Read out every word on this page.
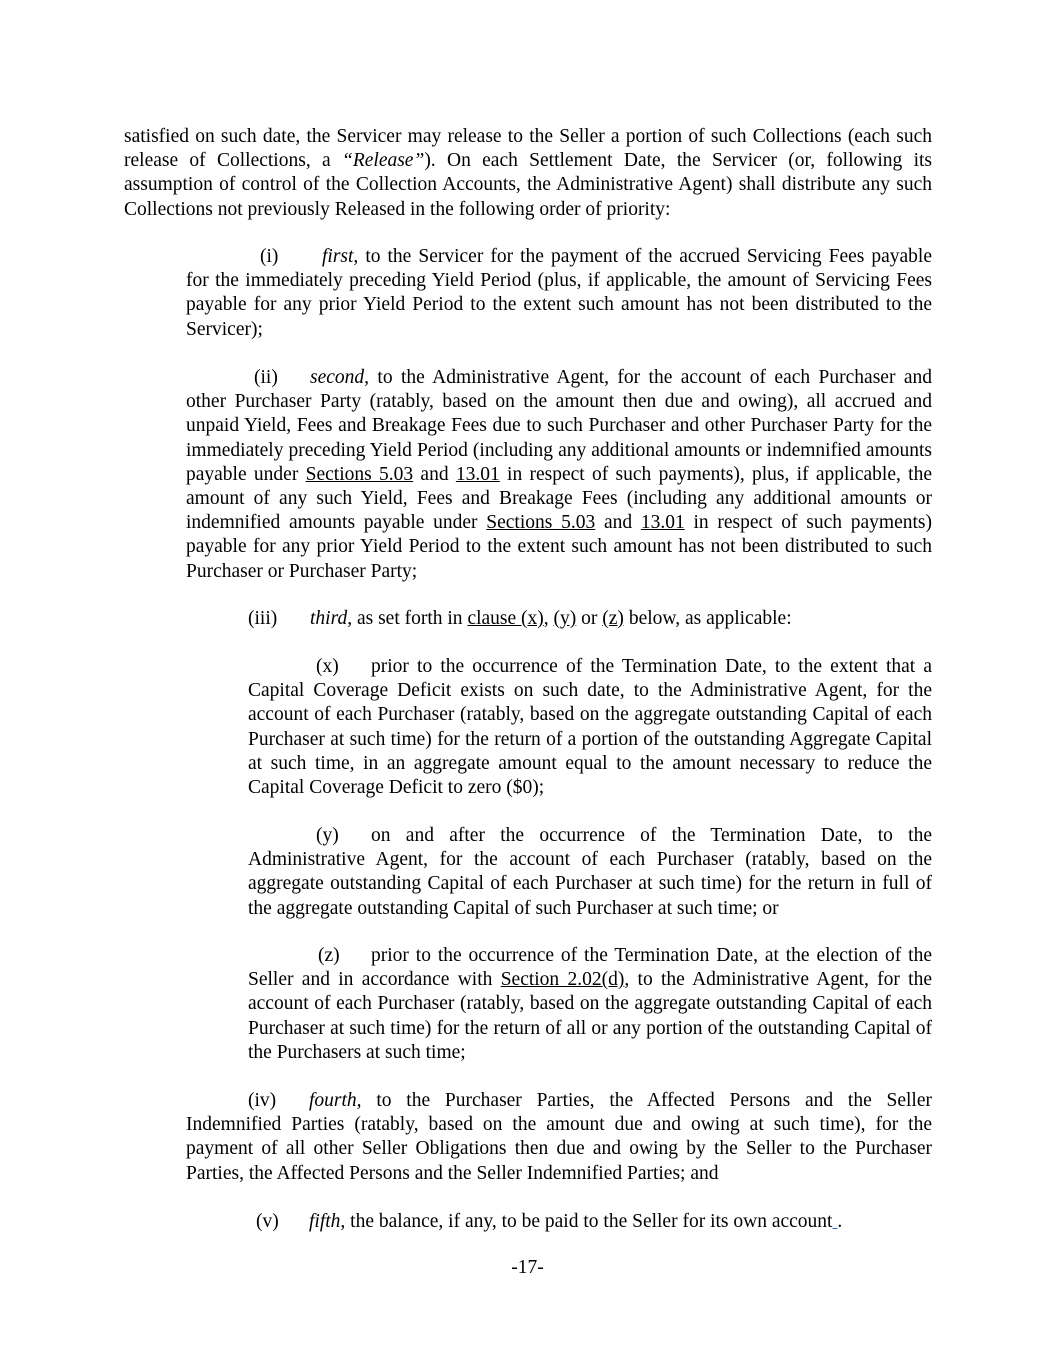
satisfied on such date, the Servicer may release to the Seller a portion of such Collections (each such release of Collections, a “Release”). On each Settlement Date, the Servicer (or, following its assumption of control of the Collection Accounts, the Administrative Agent) shall distribute any such Collections not previously Released in the following order of priority:

(i) first, to the Servicer for the payment of the accrued Servicing Fees payable for the immediately preceding Yield Period (plus, if applicable, the amount of Servicing Fees payable for any prior Yield Period to the extent such amount has not been distributed to the Servicer);

(ii) second, to the Administrative Agent, for the account of each Purchaser and other Purchaser Party (ratably, based on the amount then due and owing), all accrued and unpaid Yield, Fees and Breakage Fees due to such Purchaser and other Purchaser Party for the immediately preceding Yield Period (including any additional amounts or indemnified amounts payable under Sections 5.03 and 13.01 in respect of such payments), plus, if applicable, the amount of any such Yield, Fees and Breakage Fees (including any additional amounts or indemnified amounts payable under Sections 5.03 and 13.01 in respect of such payments) payable for any prior Yield Period to the extent such amount has not been distributed to such Purchaser or Purchaser Party;

(iii) third, as set forth in clause (x), (y) or (z) below, as applicable:

(x) prior to the occurrence of the Termination Date, to the extent that a Capital Coverage Deficit exists on such date, to the Administrative Agent, for the account of each Purchaser (ratably, based on the aggregate outstanding Capital of each Purchaser at such time) for the return of a portion of the outstanding Aggregate Capital at such time, in an aggregate amount equal to the amount necessary to reduce the Capital Coverage Deficit to zero ($0);

(y) on and after the occurrence of the Termination Date, to the Administrative Agent, for the account of each Purchaser (ratably, based on the aggregate outstanding Capital of each Purchaser at such time) for the return in full of the aggregate outstanding Capital of such Purchaser at such time; or

(z) prior to the occurrence of the Termination Date, at the election of the Seller and in accordance with Section 2.02(d), to the Administrative Agent, for the account of each Purchaser (ratably, based on the aggregate outstanding Capital of each Purchaser at such time) for the return of all or any portion of the outstanding Capital of the Purchasers at such time;

(iv) fourth, to the Purchaser Parties, the Affected Persons and the Seller Indemnified Parties (ratably, based on the amount due and owing at such time), for the payment of all other Seller Obligations then due and owing by the Seller to the Purchaser Parties, the Affected Persons and the Seller Indemnified Parties; and

(v) fifth, the balance, if any, to be paid to the Seller for its own account .

-17-
